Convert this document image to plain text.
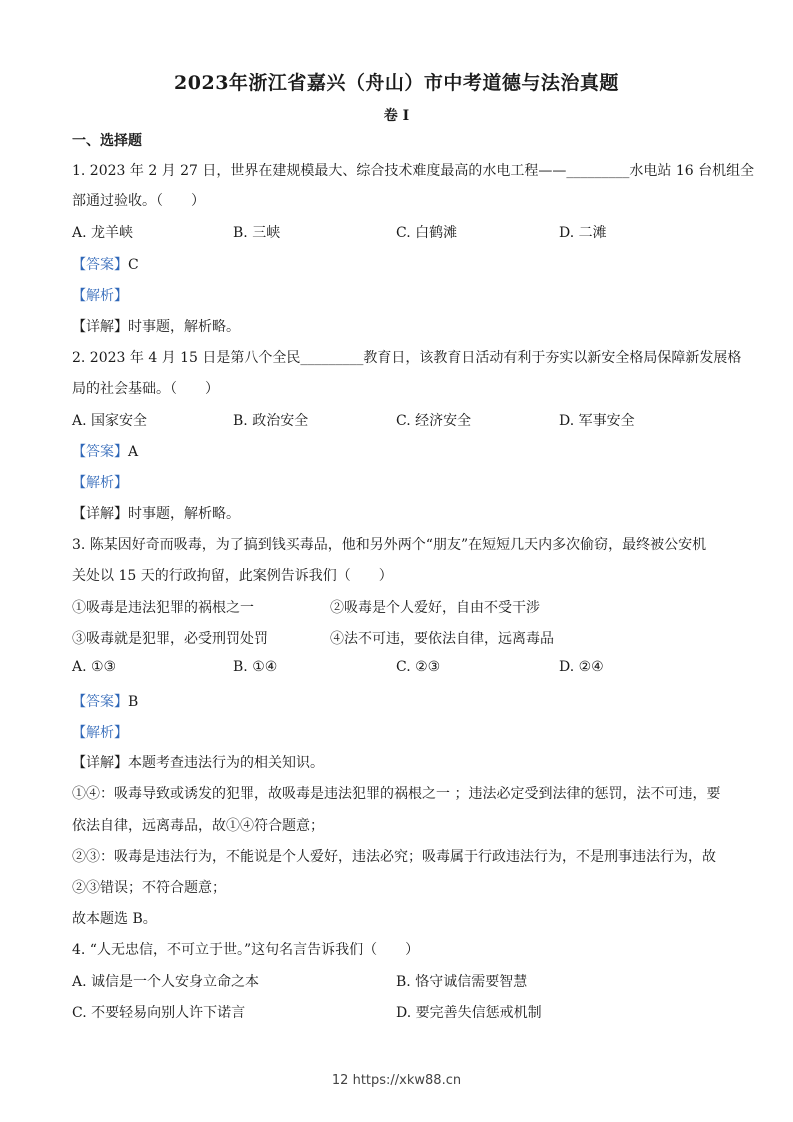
2023年浙江省嘉兴（舟山）市中考道德与法治真题
卷 I
一、选择题
1. 2023 年 2 月 27 日，世界在建规模最大、综合技术难度最高的水电工程——_________水电站 16 台机组全
部通过验收。（　　）
A. 龙羊峡	B. 三峡	C. 白鹤滩	D. 二滩
【答案】C
【解析】
【详解】时事题，解析略。
2. 2023 年 4 月 15 日是第八个全民_________教育日，该教育日活动有利于夯实以新安全格局保障新发展格
局的社会基础。（　　）
A. 国家安全	B. 政治安全	C. 经济安全	D. 军事安全
【答案】A
【解析】
【详解】时事题，解析略。
3. 陈某因好奇而吸毒，为了搞到钱买毒品，他和另外两个“朋友”在短短几天内多次偷窃，最终被公安机
关处以 15 天的行政拘留，此案例告诉我们（　　）
①吸毒是违法犯罪的祸根之一	②吸毒是个人爱好，自由不受干涉
③吸毒就是犯罪，必受刑罚处罚	④法不可违，要依法自律，远离毒品
A. ①③	B. ①④	C. ②③	D. ②④
【答案】B
【解析】
【详解】本题考查违法行为的相关知识。
①④：吸毒导致或诱发的犯罪，故吸毒是违法犯罪的祸根之一 ；违法必定受到法律的惩罚，法不可违，要
依法自律，远离毒品，故①④符合题意；
②③：吸毒是违法行为，不能说是个人爱好，违法必究；吸毒属于行政违法行为，不是刑事违法行为，故
②③错误；不符合题意；
故本题选 B。
4. “人无忠信，不可立于世。”这句名言告诉我们（　　）
A. 诚信是一个人安身立命之本	B. 恪守诚信需要智慧
C. 不要轻易向别人许下诺言	D. 要完善失信惩戒机制
12 https://xkw88.cn
